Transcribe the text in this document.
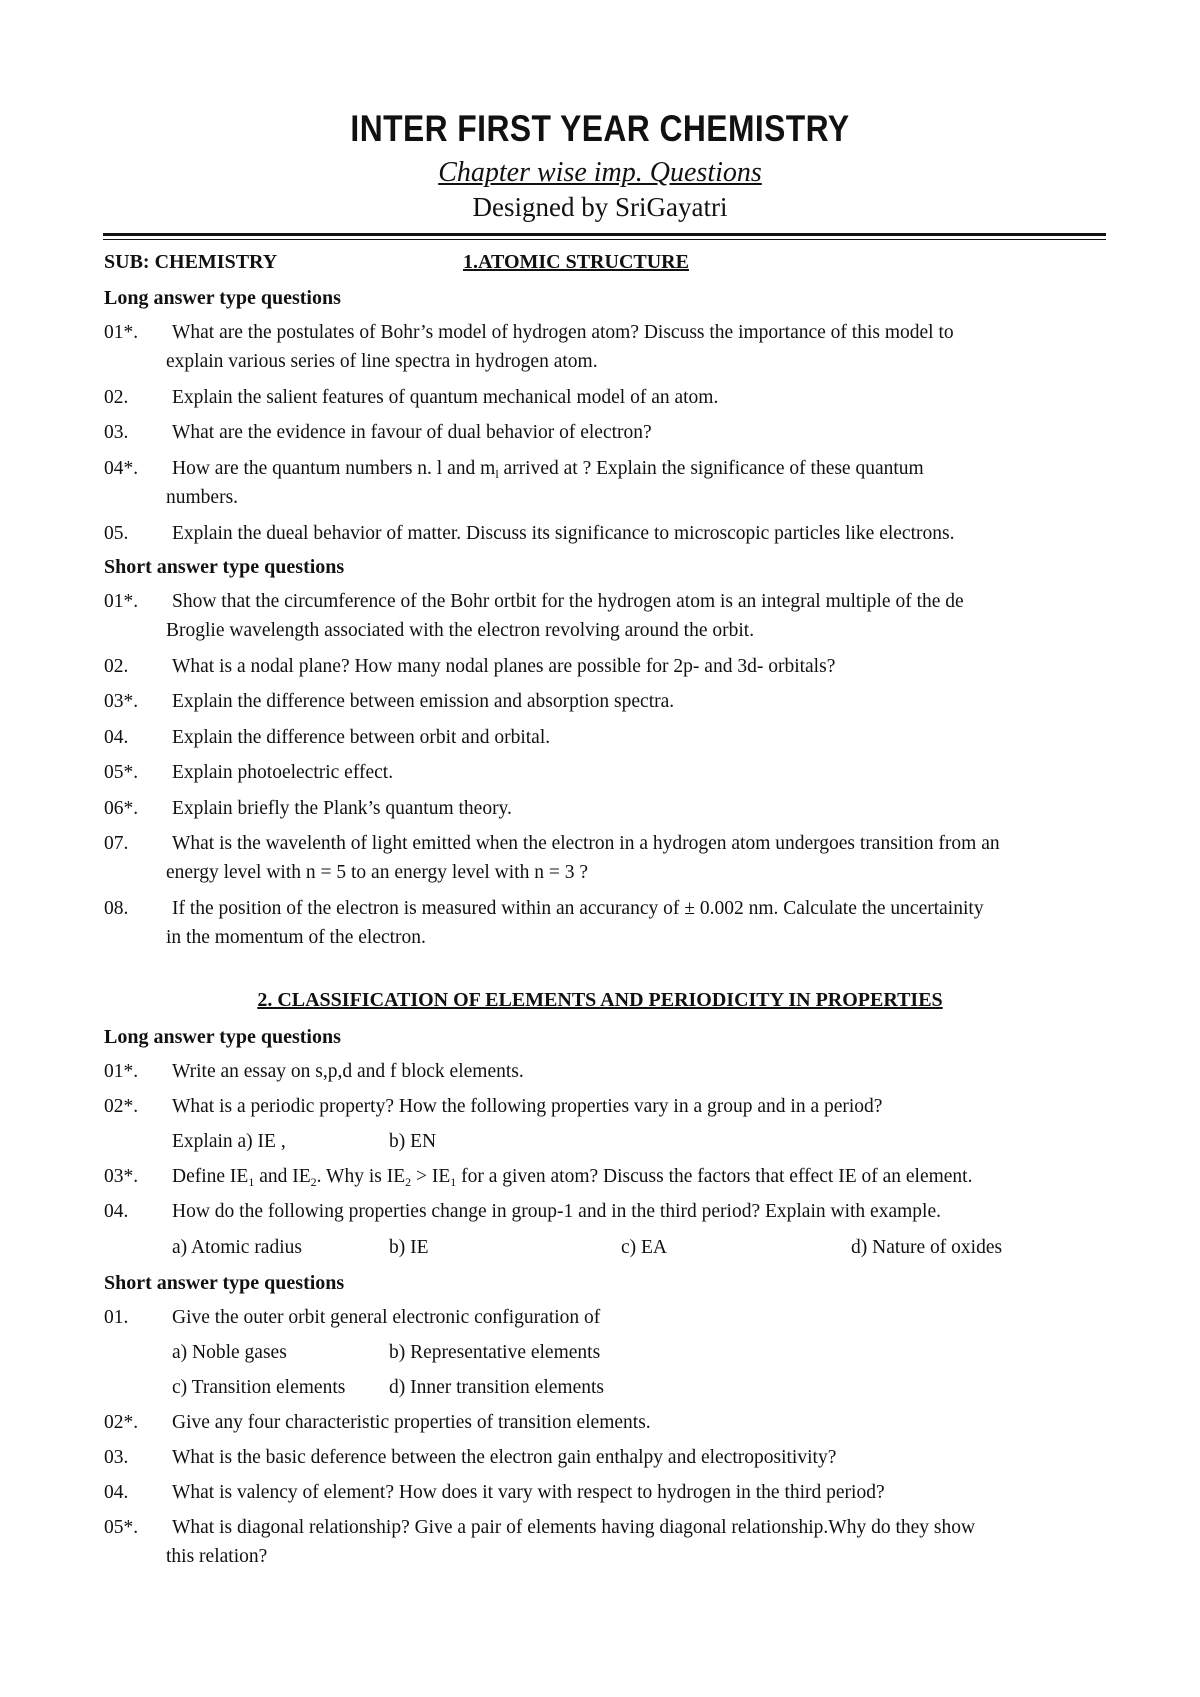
INTER FIRST YEAR CHEMISTRY
Chapter wise imp. Questions
Designed by SriGayatri
SUB: CHEMISTRY	1.ATOMIC STRUCTURE
Long answer type questions
01*. What are the postulates of Bohr’s model of hydrogen atom? Discuss the importance of this model to
explain various series of line spectra in hydrogen atom.
02. Explain the salient features of quantum mechanical model of an atom.
03. What are the evidence in favour of dual behavior of electron?
04*. How are the quantum numbers n. l and $m_l$ arrived at ? Explain the significance of these quantum
numbers.
05. Explain the dueal behavior of matter. Discuss its significance to microscopic particles like electrons.
Short answer type questions
01*. Show that the circumference of the Bohr ortbit for the hydrogen atom is an integral multiple of the de
Broglie wavelength associated with the electron revolving around the orbit.
02. What is a nodal plane? How many nodal planes are possible for 2p- and 3d- orbitals?
03*. Explain the difference between emission and absorption spectra.
04. Explain the difference between orbit and orbital.
05*. Explain photoelectric effect.
06*. Explain briefly the Plank’s quantum theory.
07. What is the wavelenth of light emitted when the electron in a hydrogen atom undergoes transition from an
energy level with n = 5 to an energy level with n = 3 ?
08. If the position of the electron is measured within an accurancy of ± 0.002 nm. Calculate the uncertainity
in the momentum of the electron.
2. CLASSIFICATION OF ELEMENTS AND PERIODICITY IN PROPERTIES
Long answer type questions
01*. Write an essay on s,p,d and f block elements.
02*. What is a periodic property? How the following properties vary in a group and in a period?
Explain a) IE ,	b) EN
03*. Define $IE_1$ and $IE_2$. Why is $IE_2 > IE_1$ for a given atom? Discuss the factors that effect IE of an element.
04. How do the following properties change in group-1 and in the third period? Explain with example.
a) Atomic radius	b) IE	c) EA	d) Nature of oxides
Short answer type questions
01. Give the outer orbit general electronic configuration of
a) Noble gases	b) Representative elements
c) Transition elements d) Inner transition elements
02*. Give any four characteristic properties of transition elements.
03. What is the basic deference between the electron gain enthalpy and electropositivity?
04. What is valency of element? How does it vary with respect to hydrogen in the third period?
05*. What is diagonal relationship? Give a pair of elements having diagonal relationship.Why do they show
this relation?
